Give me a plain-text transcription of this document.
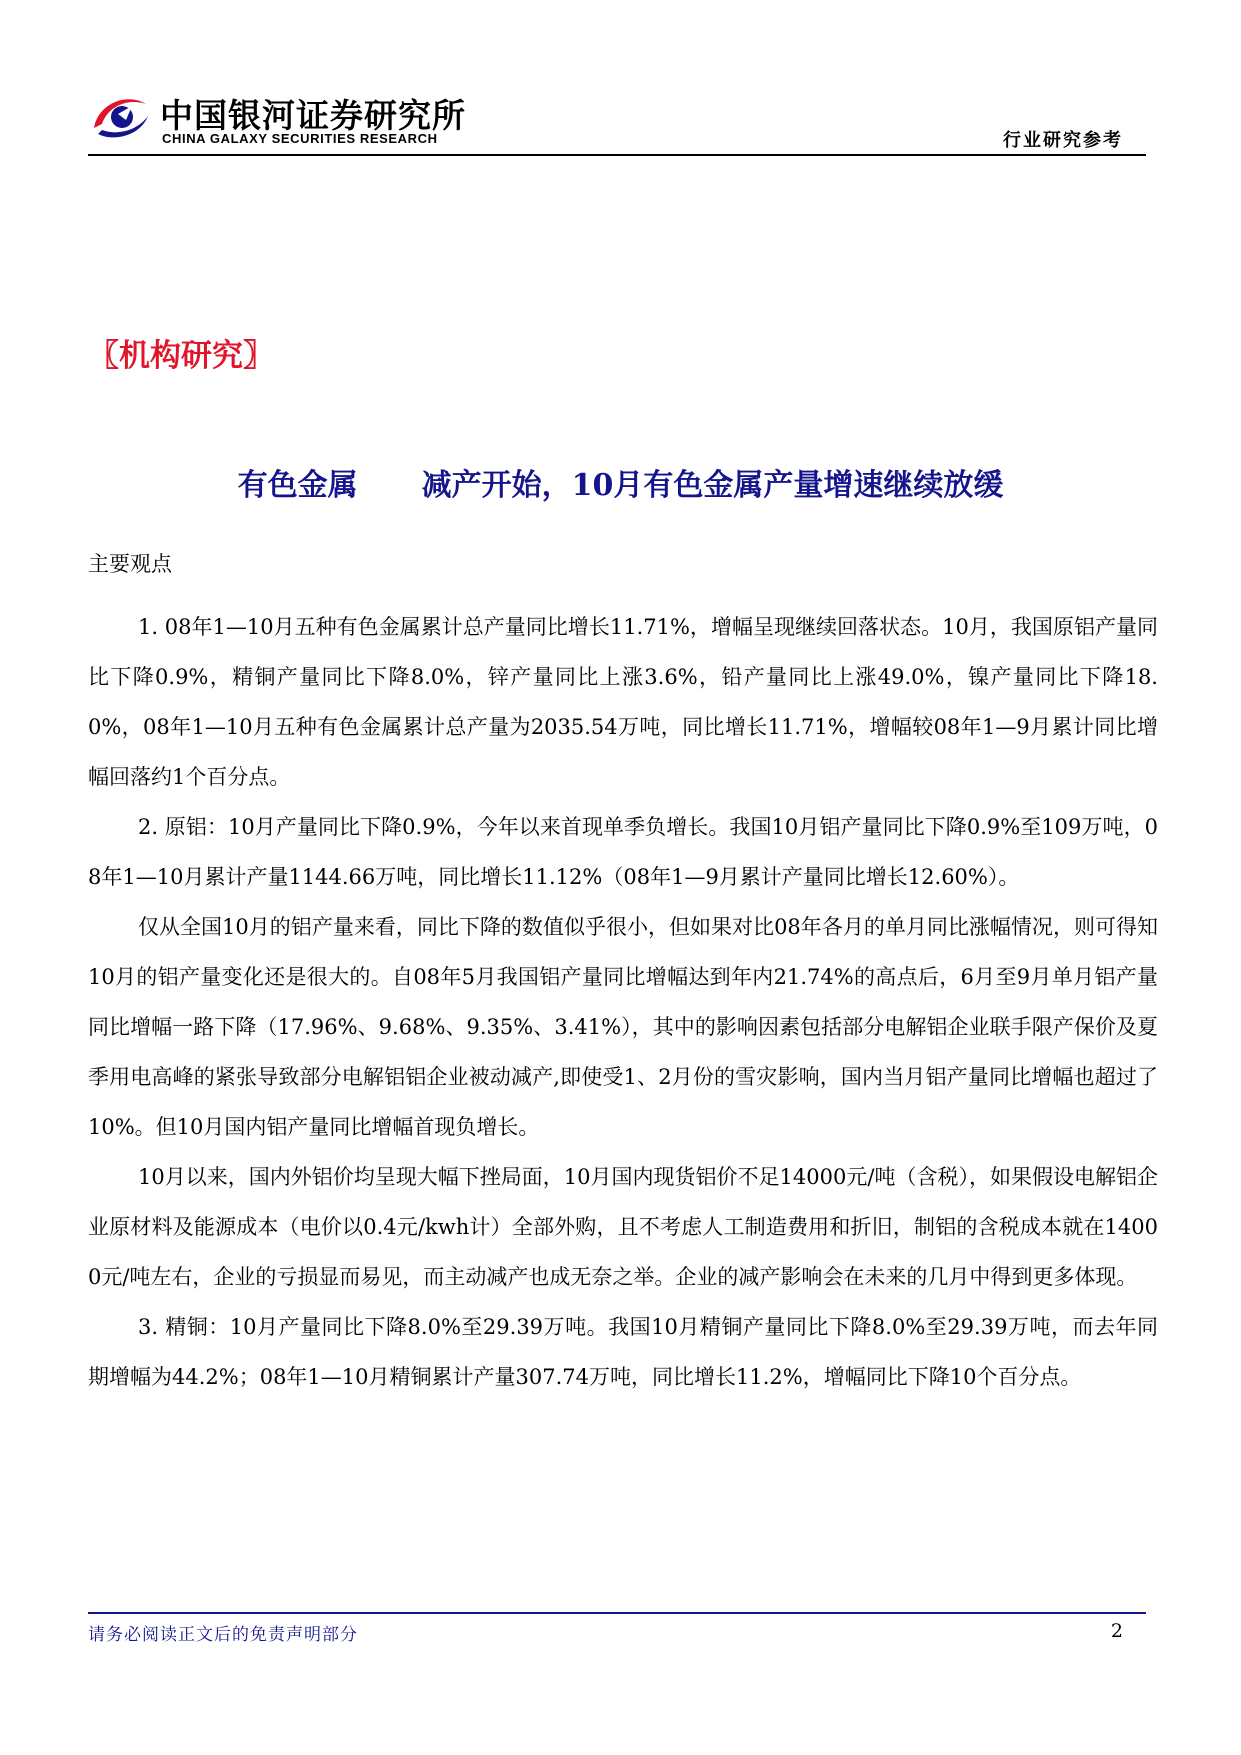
中国银河证券研究所
CHINA GALAXY SECURITIES RESEARCH	行业研究参考
〖机构研究〗
有色金属 减产开始，10月有色金属产量增速继续放缓
主要观点

1. 08年1—10月五种有色金属累计总产量同比增长11.71%，增幅呈现继续回落状态。10月，我国原铝产量同比下降0.9%，精铜产量同比下降8.0%，锌产量同比上涨3.6%，铅产量同比上涨49.0%，镍产量同比下降18.0%，08年1—10月五种有色金属累计总产量为2035.54万吨，同比增长11.71%，增幅较08年1—9月累计同比增幅回落约1个百分点。

2. 原铝：10月产量同比下降0.9%，今年以来首现单季负增长。我国10月铝产量同比下降0.9%至109万吨，08年1—10月累计产量1144.66万吨，同比增长11.12%（08年1—9月累计产量同比增长12.60%）。

仅从全国10月的铝产量来看，同比下降的数值似乎很小，但如果对比08年各月的单月同比涨幅情况，则可得知10月的铝产量变化还是很大的。自08年5月我国铝产量同比增幅达到年内21.74%的高点后，6月至9月单月铝产量同比增幅一路下降（17.96%、9.68%、9.35%、3.41%），其中的影响因素包括部分电解铝企业联手限产保价及夏季用电高峰的紧张导致部分电解铝铝企业被动减产,即使受1、2月份的雪灾影响，国内当月铝产量同比增幅也超过了10%。但10月国内铝产量同比增幅首现负增长。

10月以来，国内外铝价均呈现大幅下挫局面，10月国内现货铝价不足14000元/吨（含税），如果假设电解铝企业原材料及能源成本（电价以0.4元/kwh计）全部外购，且不考虑人工制造费用和折旧，制铝的含税成本就在14000元/吨左右，企业的亏损显而易见，而主动减产也成无奈之举。企业的减产影响会在未来的几月中得到更多体现。

3. 精铜：10月产量同比下降8.0%至29.39万吨。我国10月精铜产量同比下降8.0%至29.39万吨，而去年同期增幅为44.2%；08年1—10月精铜累计产量307.74万吨，同比增长11.2%，增幅同比下降10个百分点。

请务必阅读正文后的免责声明部分	2
